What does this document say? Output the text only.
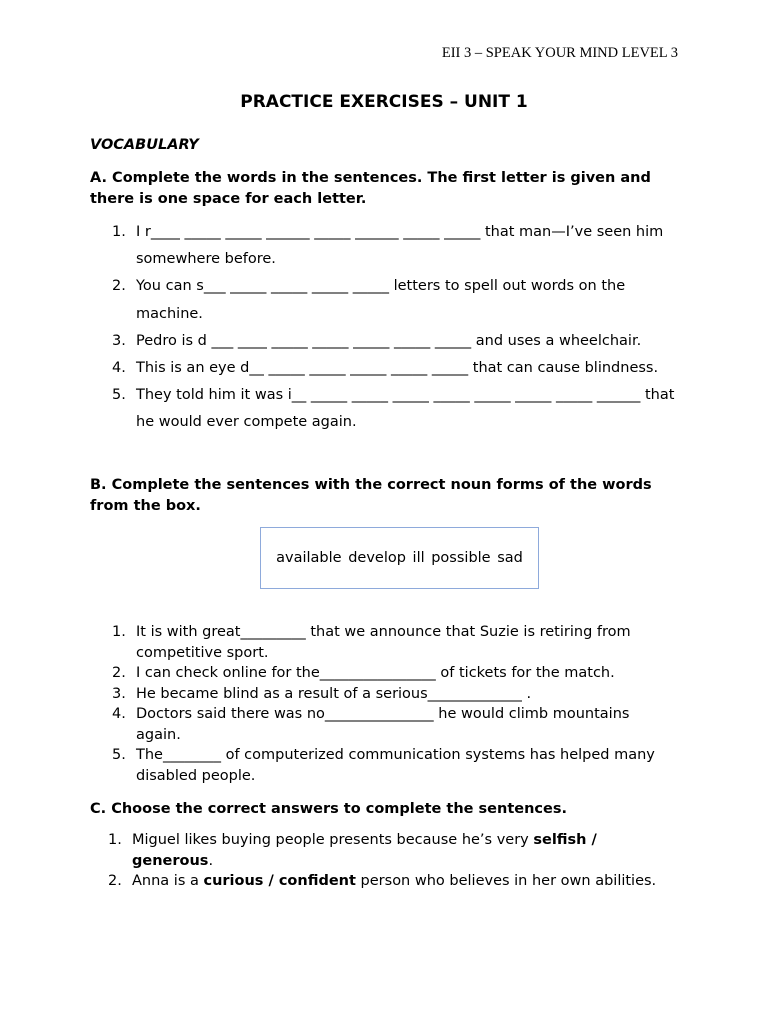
EII 3 – SPEAK YOUR MIND LEVEL 3
PRACTICE EXERCISES – UNIT 1
VOCABULARY
A. Complete the words in the sentences. The first letter is given and there is one space for each letter.
1. I r____ _____ _____ ______ _____ ______ _____ _____ that man—I’ve seen him somewhere before.
2. You can s___ _____ _____ _____ _____ letters to spell out words on the machine.
3. Pedro is d ___ ____ _____ _____ _____ _____ _____ and uses a wheelchair.
4. This is an eye d__ _____ _____ _____ _____ _____ that can cause blindness.
5. They told him it was i__ _____ _____ _____ _____ _____ _____ _____ ______ that he would ever compete again.
B. Complete the sentences with the correct noun forms of the words from the box.
available develop ill possible sad
1. It is with great_________ that we announce that Suzie is retiring from competitive sport.
2. I can check online for the________________ of tickets for the match.
3. He became blind as a result of a serious_____________ .
4. Doctors said there was no_______________ he would climb mountains again.
5. The________ of computerized communication systems has helped many disabled people.
C. Choose the correct answers to complete the sentences.
1. Miguel likes buying people presents because he’s very selfish / generous.
2. Anna is a curious / confident person who believes in her own abilities.
